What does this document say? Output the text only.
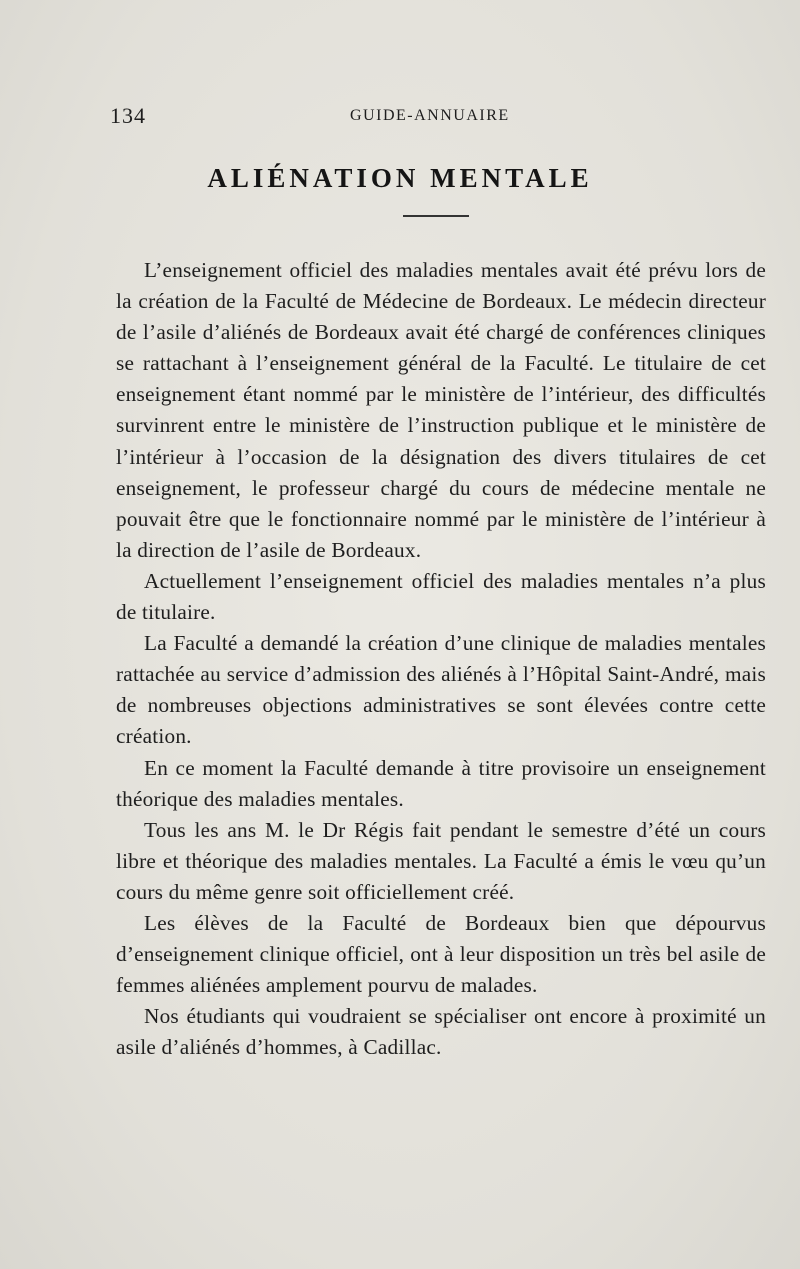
134	GUIDE-ANNUAIRE
ALIÉNATION MENTALE

L’enseignement officiel des maladies mentales avait été prévu lors de la création de la Faculté de Médecine de Bordeaux. Le médecin directeur de l’asile d’aliénés de Bordeaux avait été chargé de conférences cliniques se rattachant à l’enseignement général de la Faculté. Le titulaire de cet enseignement étant nommé par le ministère de l’intérieur, des difficultés survinrent entre le ministère de l’instruction publique et le ministère de l’intérieur à l’occasion de la désignation des divers titulaires de cet enseignement, le professeur chargé du cours de médecine mentale ne pouvait être que le fonctionnaire nommé par le ministère de l’intérieur à la direction de l’asile de Bordeaux.

Actuellement l’enseignement officiel des maladies mentales n’a plus de titulaire.

La Faculté a demandé la création d’une clinique de maladies mentales rattachée au service d’admission des aliénés à l’Hôpital Saint-André, mais de nombreuses objections administratives se sont élevées contre cette création.

En ce moment la Faculté demande à titre provisoire un enseignement théorique des maladies mentales.

Tous les ans M. le Dr Régis fait pendant le semestre d’été un cours libre et théorique des maladies mentales. La Faculté a émis le vœu qu’un cours du même genre soit officiellement créé.

Les élèves de la Faculté de Bordeaux bien que dépourvus d’enseignement clinique officiel, ont à leur disposition un très bel asile de femmes aliénées amplement pourvu de malades.

Nos étudiants qui voudraient se spécialiser ont encore à proximité un asile d’aliénés d’hommes, à Cadillac.
